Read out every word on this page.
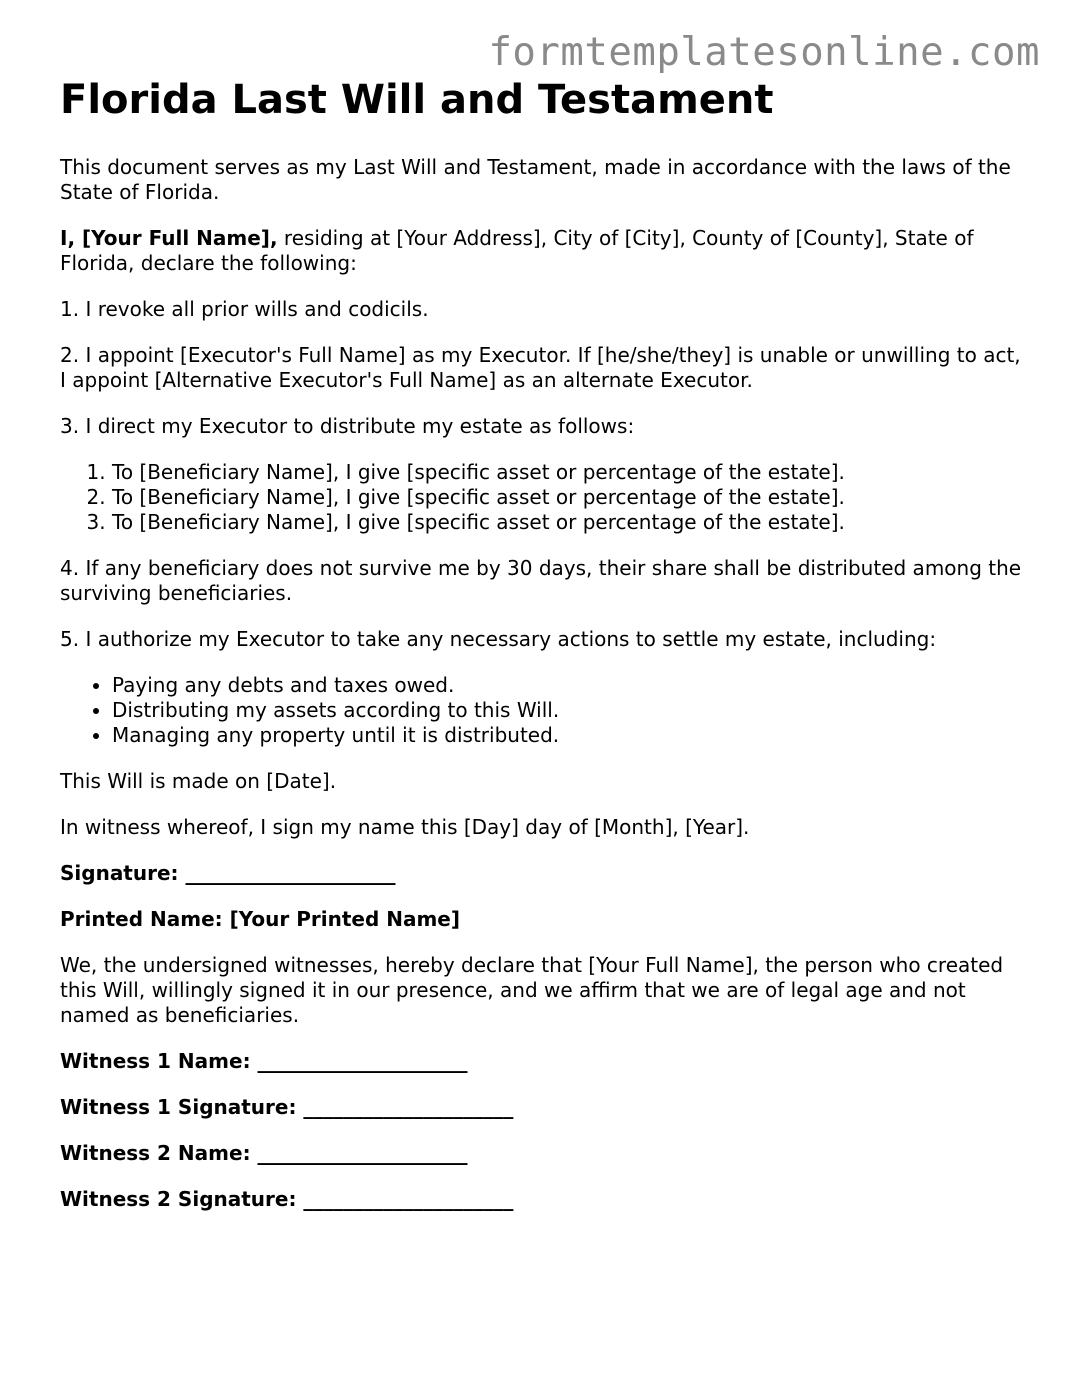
formtemplatesonline.com
Florida Last Will and Testament

This document serves as my Last Will and Testament, made in accordance with the laws of the State of Florida.

I, [Your Full Name], residing at [Your Address], City of [City], County of [County], State of Florida, declare the following:

1. I revoke all prior wills and codicils.

2. I appoint [Executor's Full Name] as my Executor. If [he/she/they] is unable or unwilling to act, I appoint [Alternative Executor's Full Name] as an alternate Executor.

3. I direct my Executor to distribute my estate as follows:

1. To [Beneficiary Name], I give [specific asset or percentage of the estate].
2. To [Beneficiary Name], I give [specific asset or percentage of the estate].
3. To [Beneficiary Name], I give [specific asset or percentage of the estate].

4. If any beneficiary does not survive me by 30 days, their share shall be distributed among the surviving beneficiaries.

5. I authorize my Executor to take any necessary actions to settle my estate, including:

• Paying any debts and taxes owed.
• Distributing my assets according to this Will.
• Managing any property until it is distributed.

This Will is made on [Date].

In witness whereof, I sign my name this [Day] day of [Month], [Year].

Signature: _____________________

Printed Name: [Your Printed Name]

We, the undersigned witnesses, hereby declare that [Your Full Name], the person who created this Will, willingly signed it in our presence, and we affirm that we are of legal age and not named as beneficiaries.

Witness 1 Name: _____________________

Witness 1 Signature: _____________________

Witness 2 Name: _____________________

Witness 2 Signature: _____________________
